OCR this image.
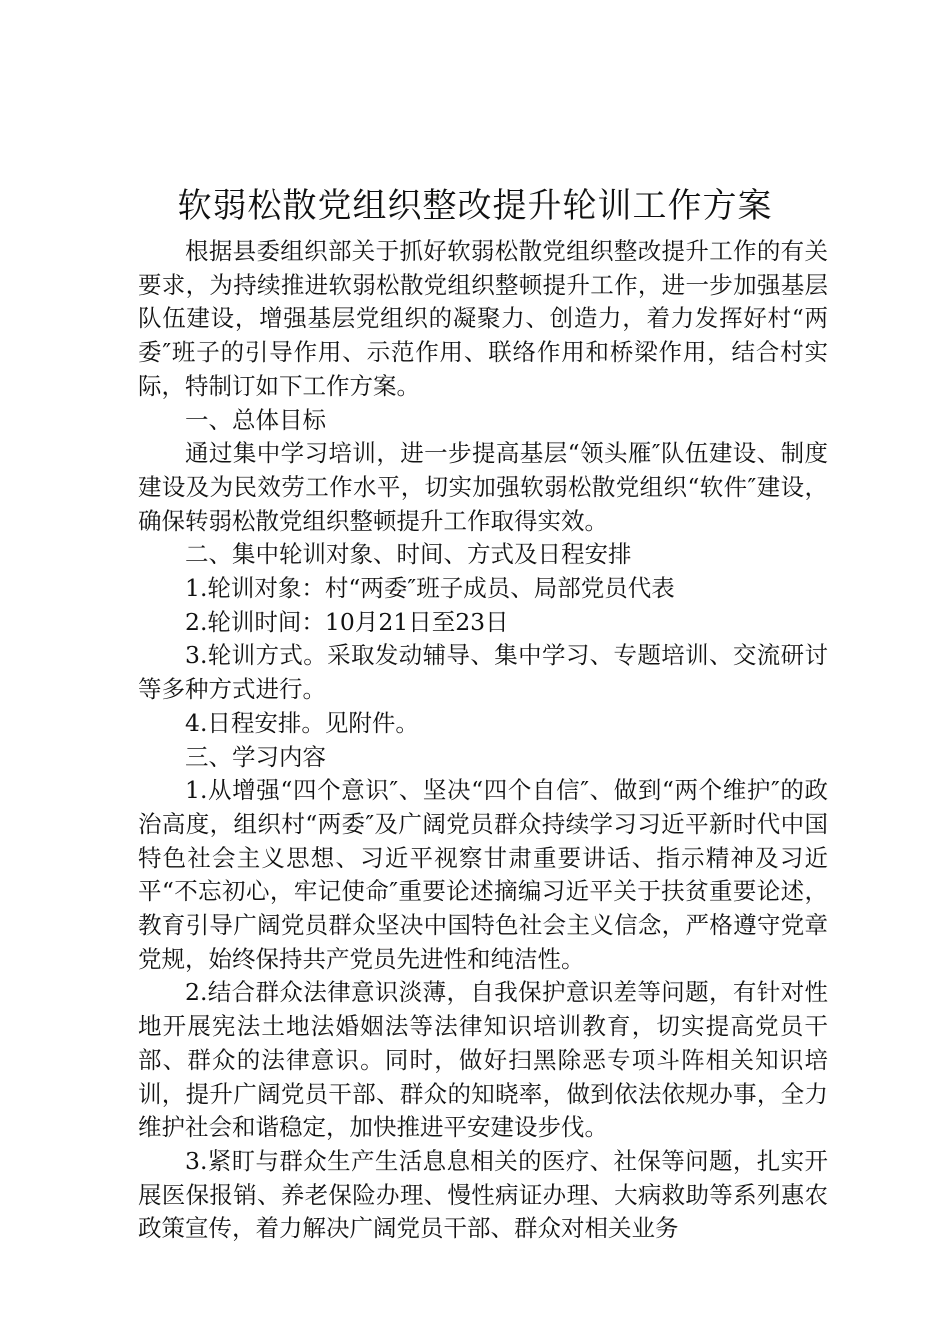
软弱松散党组织整改提升轮训工作方案

根据县委组织部关于抓好软弱松散党组织整改提升工作的有关要求，为持续推进软弱松散党组织整顿提升工作，进一步加强基层队伍建设，增强基层党组织的凝聚力、创造力，着力发挥好村“两委″班子的引导作用、示范作用、联络作用和桥梁作用，结合村实际，特制订如下工作方案。

一、总体目标

通过集中学习培训，进一步提高基层“领头雁″队伍建设、制度建设及为民效劳工作水平，切实加强软弱松散党组织“软件″建设，确保转弱松散党组织整顿提升工作取得实效。

二、集中轮训对象、时间、方式及日程安排

1.轮训对象：村“两委″班子成员、局部党员代表

2.轮训时间：10月21日至23日

3.轮训方式。采取发动辅导、集中学习、专题培训、交流研讨等多种方式进行。

4.日程安排。见附件。

三、学习内容

1.从增强“四个意识″、坚决“四个自信″、做到“两个维护″的政治高度，组织村“两委″及广阔党员群众持续学习习近平新时代中国特色社会主义思想、习近平视察甘肃重要讲话、指示精神及习近平“不忘初心，牢记使命″重要论述摘编习近平关于扶贫重要论述，教育引导广阔党员群众坚决中国特色社会主义信念，严格遵守党章党规，始终保持共产党员先进性和纯洁性。

2.结合群众法律意识淡薄，自我保护意识差等问题，有针对性地开展宪法土地法婚姻法等法律知识培训教育，切实提高党员干部、群众的法律意识。同时，做好扫黑除恶专项斗阵相关知识培训，提升广阔党员干部、群众的知晓率，做到依法依规办事，全力维护社会和谐稳定，加快推进平安建设步伐。

3.紧盯与群众生产生活息息相关的医疗、社保等问题，扎实开展医保报销、养老保险办理、慢性病证办理、大病救助等系列惠农政策宣传，着力解决广阔党员干部、群众对相关业务
